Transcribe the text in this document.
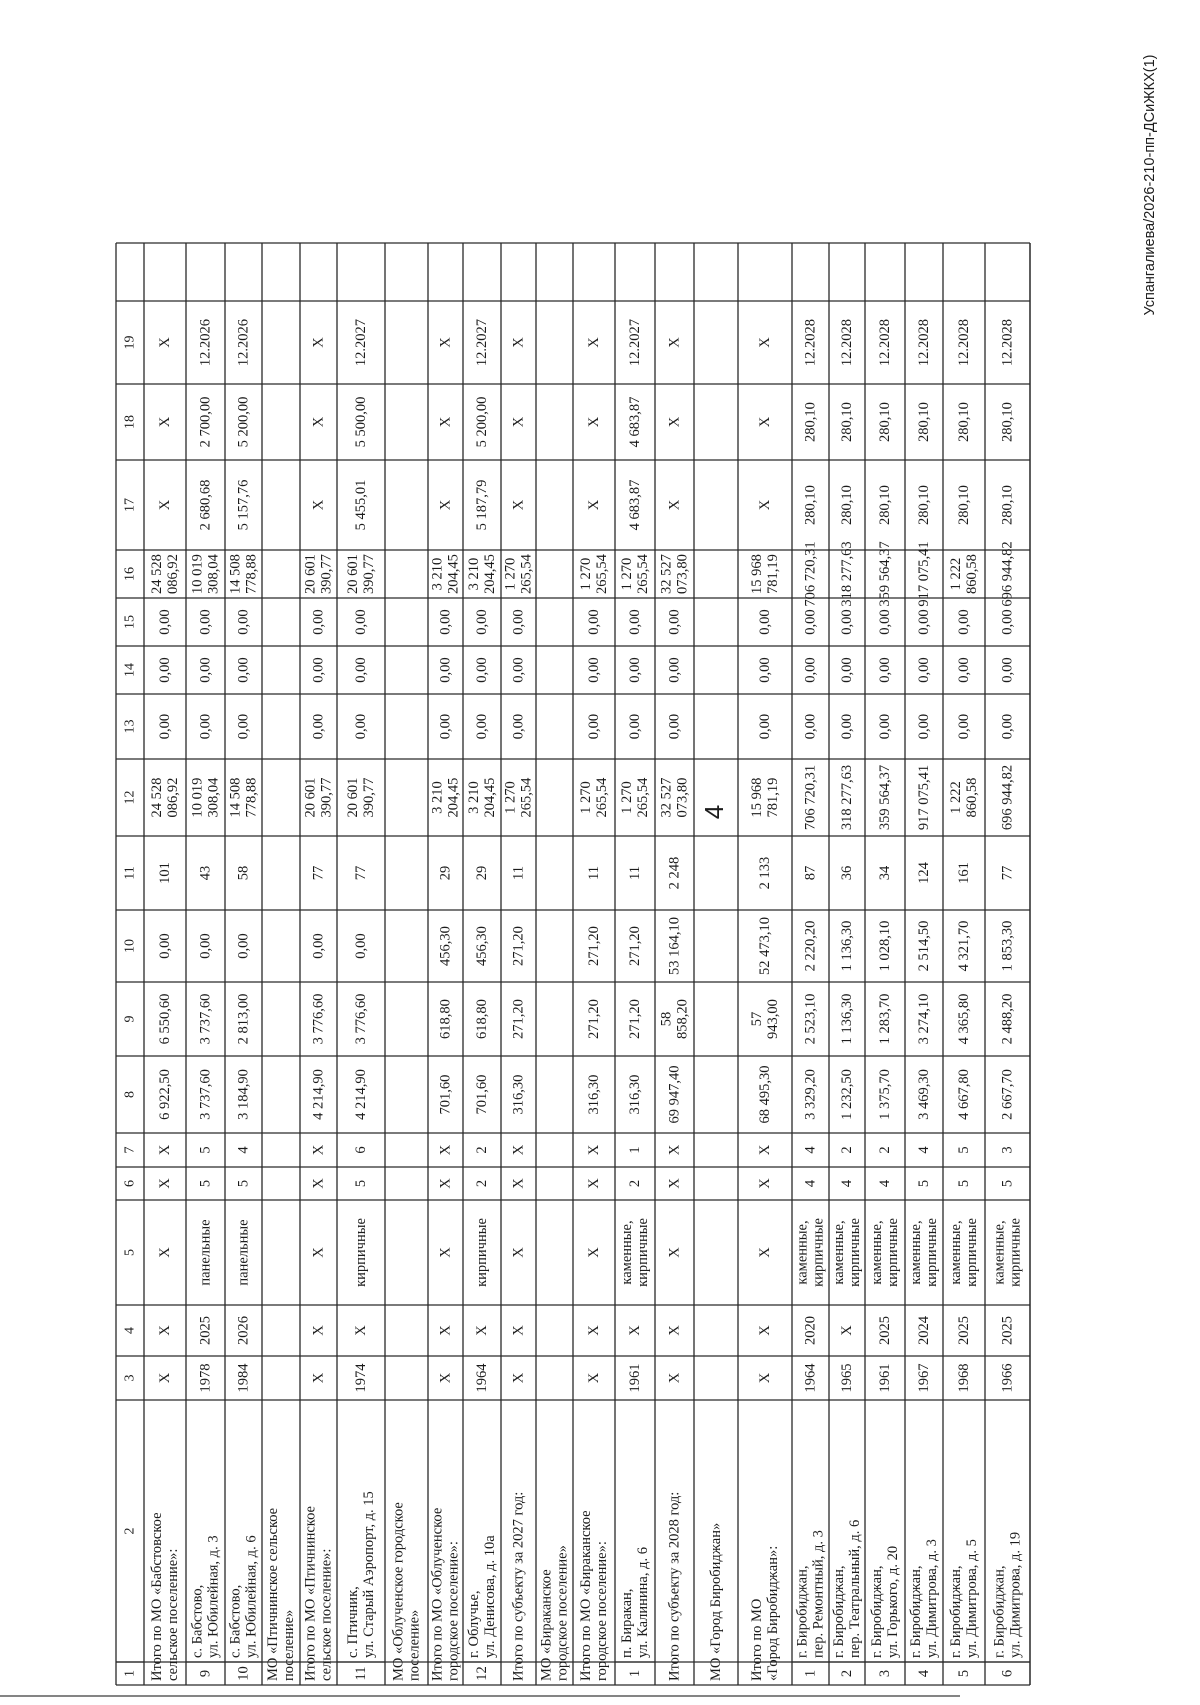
4
Успангалиева/2026-210-пп-ДСиЖКХ(1)
1
2
3
4
5
6
7
8
9
10
11
12
13
14
15
16
17
18
19
Итого по МО «Бабстовскоесельское поселение»:
X
X
X
X
X
6 922,50
6 550,60
0,00
101
24 528086,92
0,00
0,00
0,00
24 528086,92
X
X
X
9
с. Бабстово,ул. Юбилейная, д. 3
1978
2025
панельные
5
5
3 737,60
3 737,60
0,00
43
10 019308,04
0,00
0,00
0,00
10 019308,04
2 680,68
2 700,00
12.2026
10
с. Бабстово,ул. Юбилейная, д. 6
1984
2026
панельные
5
4
3 184,90
2 813,00
0,00
58
14 508778,88
0,00
0,00
0,00
14 508778,88
5 157,76
5 200,00
12.2026
МО «Птичнинское сельскоепоселение» Итого по МО «Птичнинскоесельское поселение»:
X
X
X
X
X
4 214,90
3 776,60
0,00
77
20 601390,77
0,00
0,00
0,00
20 601390,77
X
X
X
11
с. Птичник,ул. Старый Аэропорт, д. 15
1974
X
кирпичные
5
6
4 214,90
3 776,60
0,00
77
20 601390,77
0,00
0,00
0,00
20 601390,77
5 455,01
5 500,00
12.2027
МО «Облученское городскоепоселение» Итого по МО «Облученскоегородское поселение»:
X
X
X
X
X
701,60
618,80
456,30
29
3 210204,45
0,00
0,00
0,00
3 210204,45
X
X
X
12
г. Облучье,ул. Денисова, д. 10а
1964
X
кирпичные
2
2
701,60
618,80
456,30
29
3 210204,45
0,00
0,00
0,00
3 210204,45
5 187,79
5 200,00
12.2027
Итого по субъекту за 2027 год:
X
X
X
X
X
316,30
271,20
271,20
11
1 270265,54
0,00
0,00
0,00
1 270265,54
X
X
X
МО «Бираканскоегородское поселение» Итого по МО «Бираканскоегородское поселение»:
X
X
X
X
X
316,30
271,20
271,20
11
1 270265,54
0,00
0,00
0,00
1 270265,54
X
X
X
1
п. Биракан,ул. Калинина, д. 6
1961
X
каменные,кирпичные
2
1
316,30
271,20
271,20
11
1 270265,54
0,00
0,00
0,00
1 270265,54
4 683,87
4 683,87
12.2027
Итого по субъекту за 2028 год:
X
X
X
X
X
69 947,40
58858,20
53 164,10
2 248
32 527073,80
0,00
0,00
0,00
32 527073,80
X
X
X
МО «Город Биробиджан» Итого по МО«Город Биробиджан»:
X
X
X
X
X
68 495,30
57943,00
52 473,10
2 133
15 968781,19
0,00
0,00
0,00
15 968781,19
X
X
X
1
г. Биробиджан,пер. Ремонтный, д. 3
1964
2020
каменные,кирпичные
4
4
3 329,20
2 523,10
2 220,20
87
706 720,31
0,00
0,00
0,00
706 720,31
280,10
280,10
12.2028
2
г. Биробиджан,пер. Театральный, д. 6
1965
X
каменные,кирпичные
4
2
1 232,50
1 136,30
1 136,30
36
318 277,63
0,00
0,00
0,00
318 277,63
280,10
280,10
12.2028
3
г. Биробиджан,ул. Горького, д. 20
1961
2025
каменные,кирпичные
4
2
1 375,70
1 283,70
1 028,10
34
359 564,37
0,00
0,00
0,00
359 564,37
280,10
280,10
12.2028
4
г. Биробиджан,ул. Димитрова, д. 3
1967
2024
каменные,кирпичные
5
4
3 469,30
3 274,10
2 514,50
124
917 075,41
0,00
0,00
0,00
917 075,41
280,10
280,10
12.2028
5
г. Биробиджан,ул. Димитрова, д. 5
1968
2025
каменные,кирпичные
5
5
4 667,80
4 365,80
4 321,70
161
1 222860,58
0,00
0,00
0,00
1 222860,58
280,10
280,10
12.2028
6
г. Биробиджан,ул. Димитрова, д. 19
1966
2025
каменные,кирпичные
5
3
2 667,70
2 488,20
1 853,30
77
696 944,82
0,00
0,00
0,00
696 944,82
280,10
280,10
12.2028
